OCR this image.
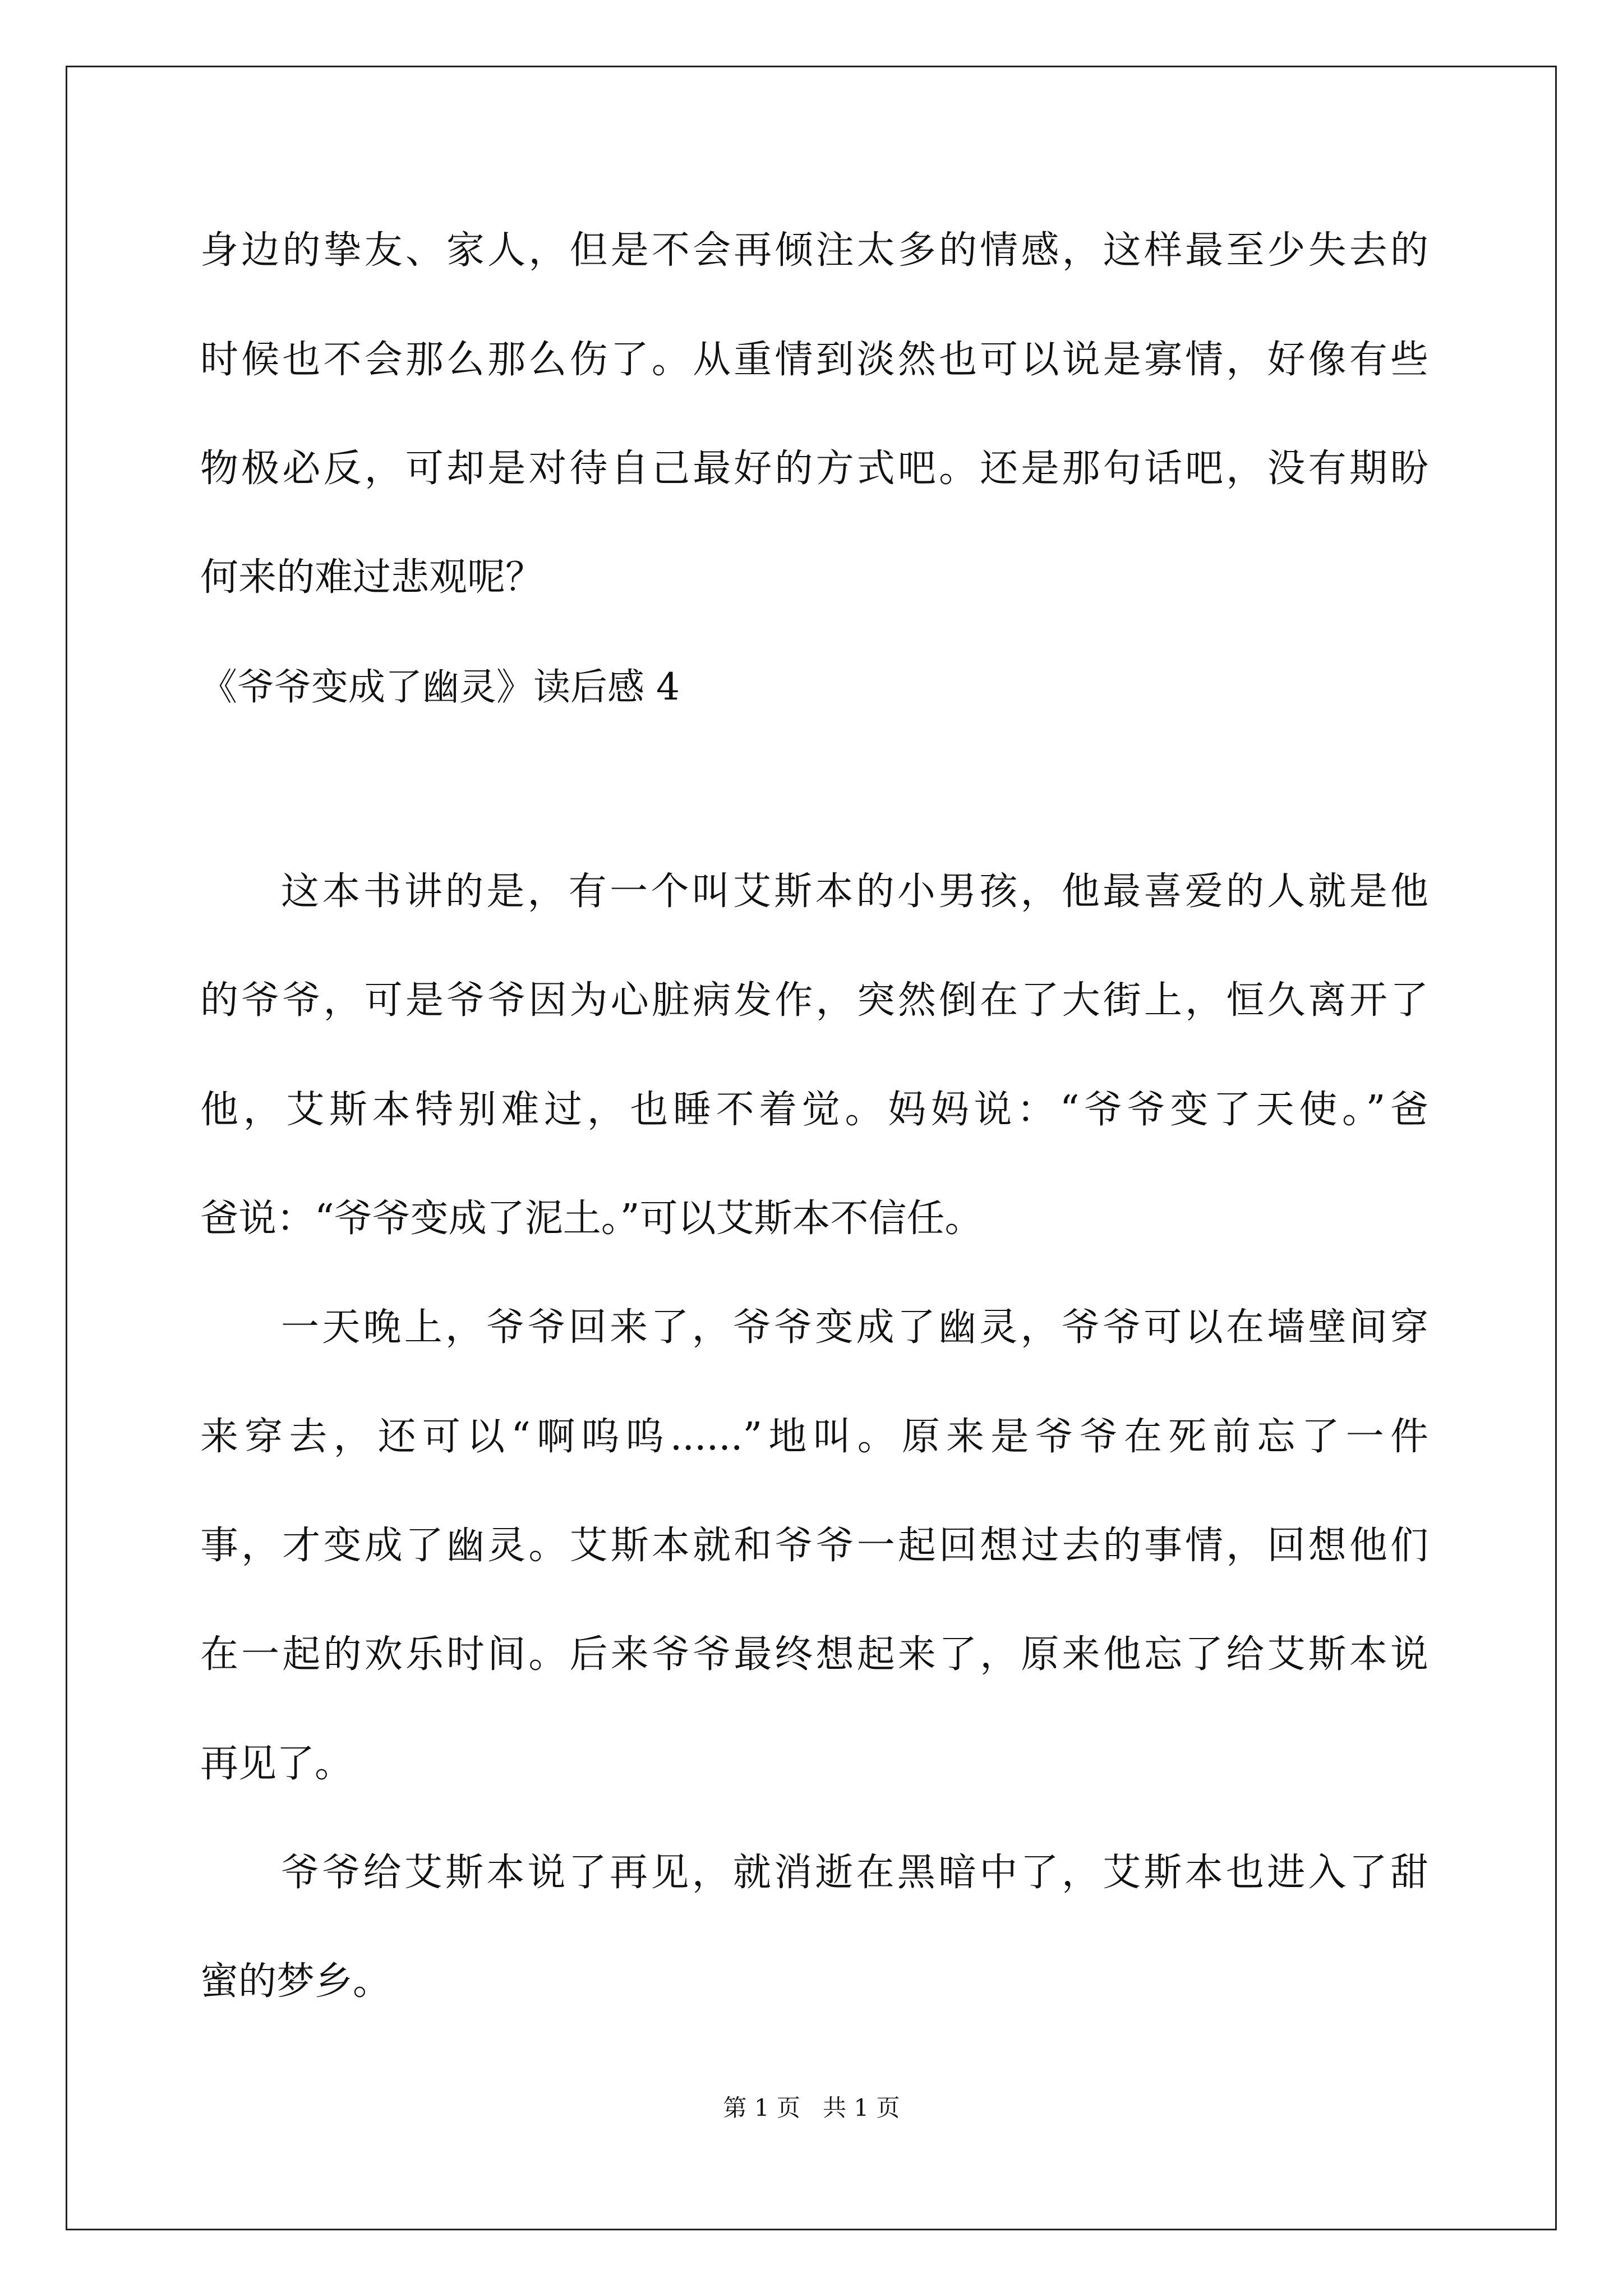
身边的挚友、家人，但是不会再倾注太多的情感，这样最至少失去的
时候也不会那么那么伤了。从重情到淡然也可以说是寡情，好像有些
物极必反，可却是对待自己最好的方式吧。还是那句话吧，没有期盼
何来的难过悲观呢？
《爷爷变成了幽灵》读后感 4
这本书讲的是，有一个叫艾斯本的小男孩，他最喜爱的人就是他
的爷爷，可是爷爷因为心脏病发作，突然倒在了大街上，恒久离开了
他，艾斯本特别难过，也睡不着觉。妈妈说：“爷爷变了天使。”爸
爸说：“爷爷变成了泥土。”可以艾斯本不信任。
一天晚上，爷爷回来了，爷爷变成了幽灵，爷爷可以在墙壁间穿
来穿去，还可以“啊呜呜......”地叫。原来是爷爷在死前忘了一件
事，才变成了幽灵。艾斯本就和爷爷一起回想过去的事情，回想他们
在一起的欢乐时间。后来爷爷最终想起来了，原来他忘了给艾斯本说
再见了。
爷爷给艾斯本说了再见，就消逝在黑暗中了，艾斯本也进入了甜
蜜的梦乡。
第 1 页   共 1 页
